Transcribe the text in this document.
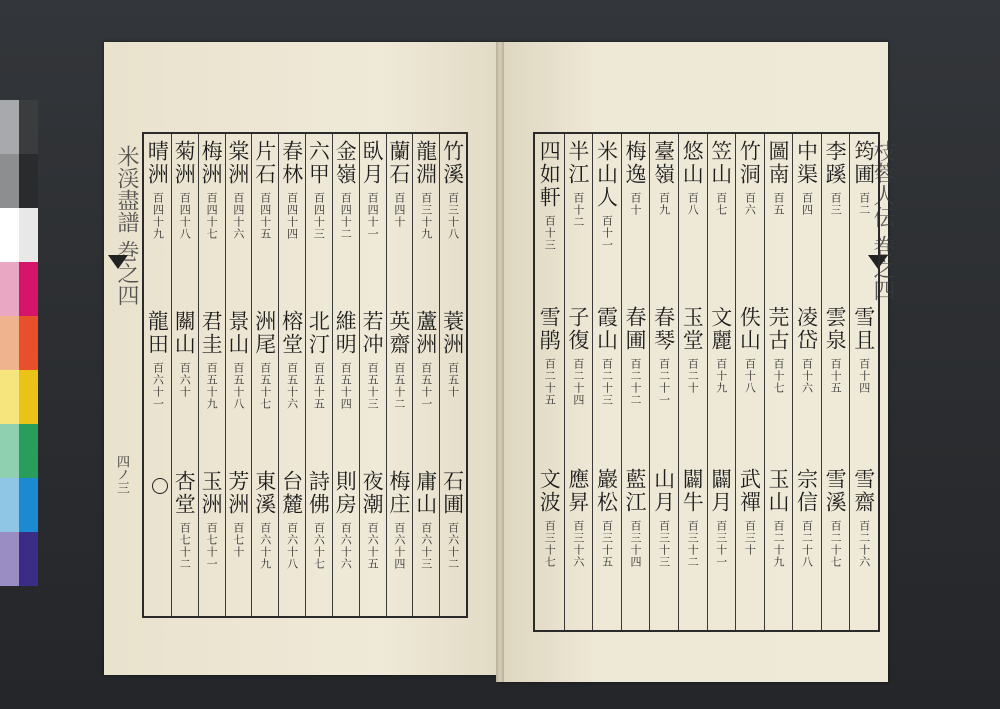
米渓盡譜 巻之四
四ノ三
枝蓉人伝 巻之四
竹溪
百三十八
蓑洲
百五十
石圃
百六十二
龍淵
百三十九
蘆洲
百五十一
庸山
百六十三
蘭石
百四十
英齋
百五十二
梅庄
百六十四
臥月
百四十一
若冲
百五十三
夜潮
百六十五
金嶺
百四十二
維明
百五十四
則房
百六十六
六甲
百四十三
北汀
百五十五
詩佛
百六十七
春林
百四十四
榕堂
百五十六
台麓
百六十八
片石
百四十五
洲尾
百五十七
東溪
百六十九
棠洲
百四十六
景山
百五十八
芳洲
百七十
梅洲
百四十七
君圭
百五十九
玉洲
百七十一
菊洲
百四十八
關山
百六十
杏堂
百七十二
晴洲
百四十九
龍田
百六十一
筠圃
百二
雪且
百十四
雪齋
百二十六
李蹊
百三
雲泉
百十五
雪溪
百二十七
中渠
百四
凌岱
百十六
宗信
百二十八
圖南
百五
芫古
百十七
玉山
百二十九
竹洞
百六
佚山
百十八
武禪
百三十
笠山
百七
文麗
百十九
闢月
百三十一
悠山
百八
玉堂
百二十
闢牛
百三十二
臺嶺
百九
春琴
百二十一
山月
百三十三
梅逸
百十
春圃
百二十二
藍江
百三十四
米山人
百十一
霞山
百二十三
巖松
百三十五
半江
百十二
子復
百二十四
應昇
百三十六
四如軒
百十三
雪鹃
百二十五
文波
百三十七
